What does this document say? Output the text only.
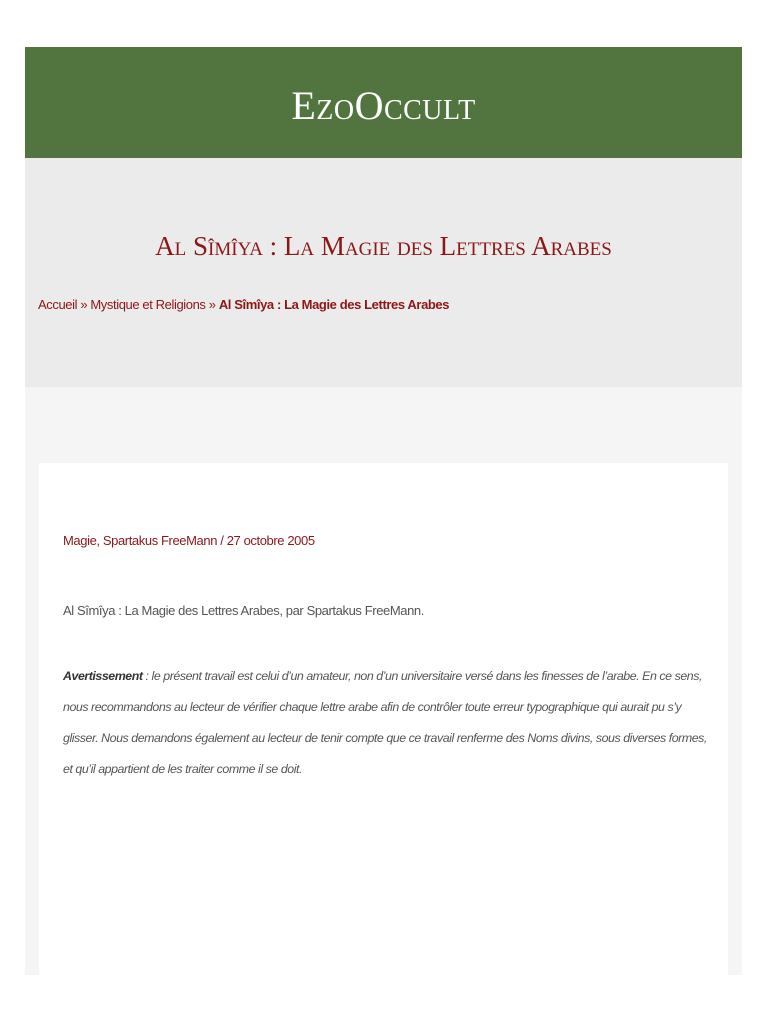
EzoOccult
Al Sîmîya : La Magie des Lettres Arabes
Accueil » Mystique et Religions » Al Sîmîya : La Magie des Lettres Arabes
Magie, Spartakus FreeMann / 27 octobre 2005

Al Sîmîya : La Magie des Lettres Arabes, par Spartakus FreeMann.

Avertissement : le présent travail est celui d’un amateur, non d’un universitaire versé dans les finesses de l’arabe. En ce sens, nous recommandons au lecteur de vérifier chaque lettre arabe afin de contrôler toute erreur typographique qui aurait pu s’y glisser. Nous demandons également au lecteur de tenir compte que ce travail renferme des Noms divins, sous diverses formes, et qu’il appartient de les traiter comme il se doit.
